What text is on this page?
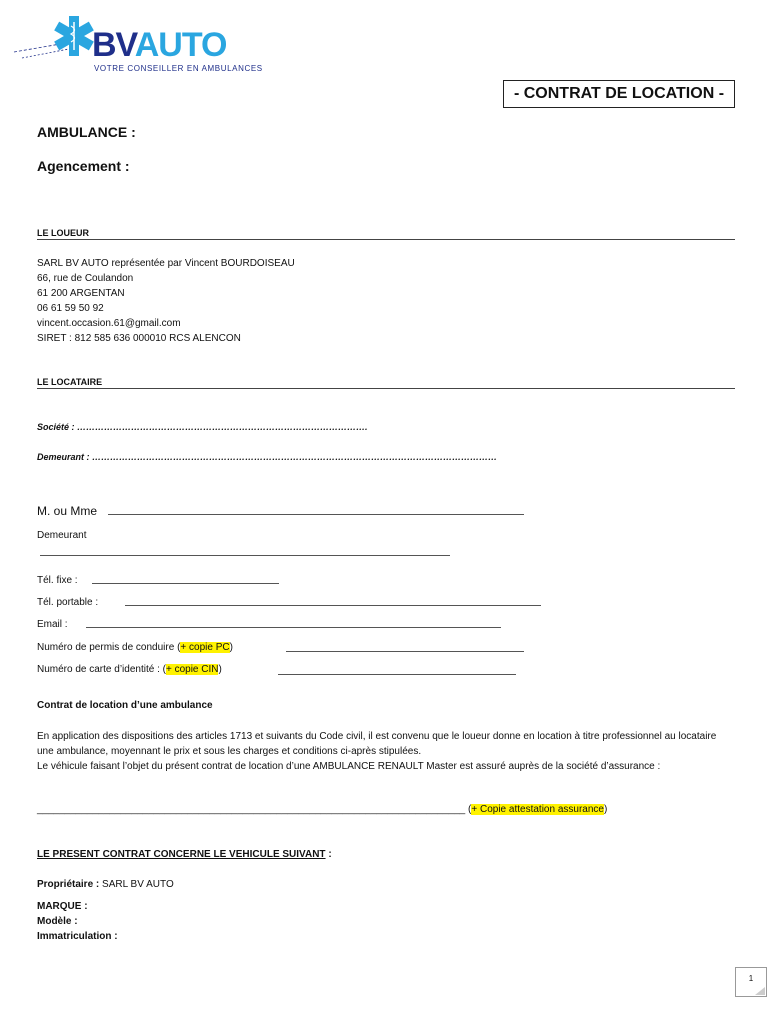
BVAUTO
VOTRE CONSEILLER EN AMBULANCES
- CONTRAT DE LOCATION -
AMBULANCE :
Agencement :
LE LOUEUR
SARL BV AUTO représentée par Vincent BOURDOISEAU
66, rue de Coulandon
61 200 ARGENTAN
06 61 59 50 92
vincent.occasion.61@gmail.com
SIRET : 812 585 636 000010 RCS ALENCON
LE LOCATAIRE
Société : …………………………………………………………………………………….
Demeurant : ………………………………………………………………………………………………………………………
M. ou Mme
Demeurant
Tél. fixe :
Tél. portable :
Email :
Numéro de permis de conduire (+ copie PC)
Numéro de carte d’identité : (+ copie CIN)
Contrat de location d’une ambulance
En application des dispositions des articles 1713 et suivants du Code civil, il est convenu que le loueur donne en location à titre professionnel au locataire une ambulance, moyennant le prix et sous les charges et conditions ci-après stipulées.
Le véhicule faisant l’objet du présent contrat de location d’une AMBULANCE RENAULT Master est assuré auprès de la société d’assurance :
_____________________________________________________________________________ (+ Copie attestation assurance)
LE PRESENT CONTRAT CONCERNE LE VEHICULE SUIVANT :
Propriétaire : SARL BV AUTO
MARQUE :
Modèle :
Immatriculation :
1
